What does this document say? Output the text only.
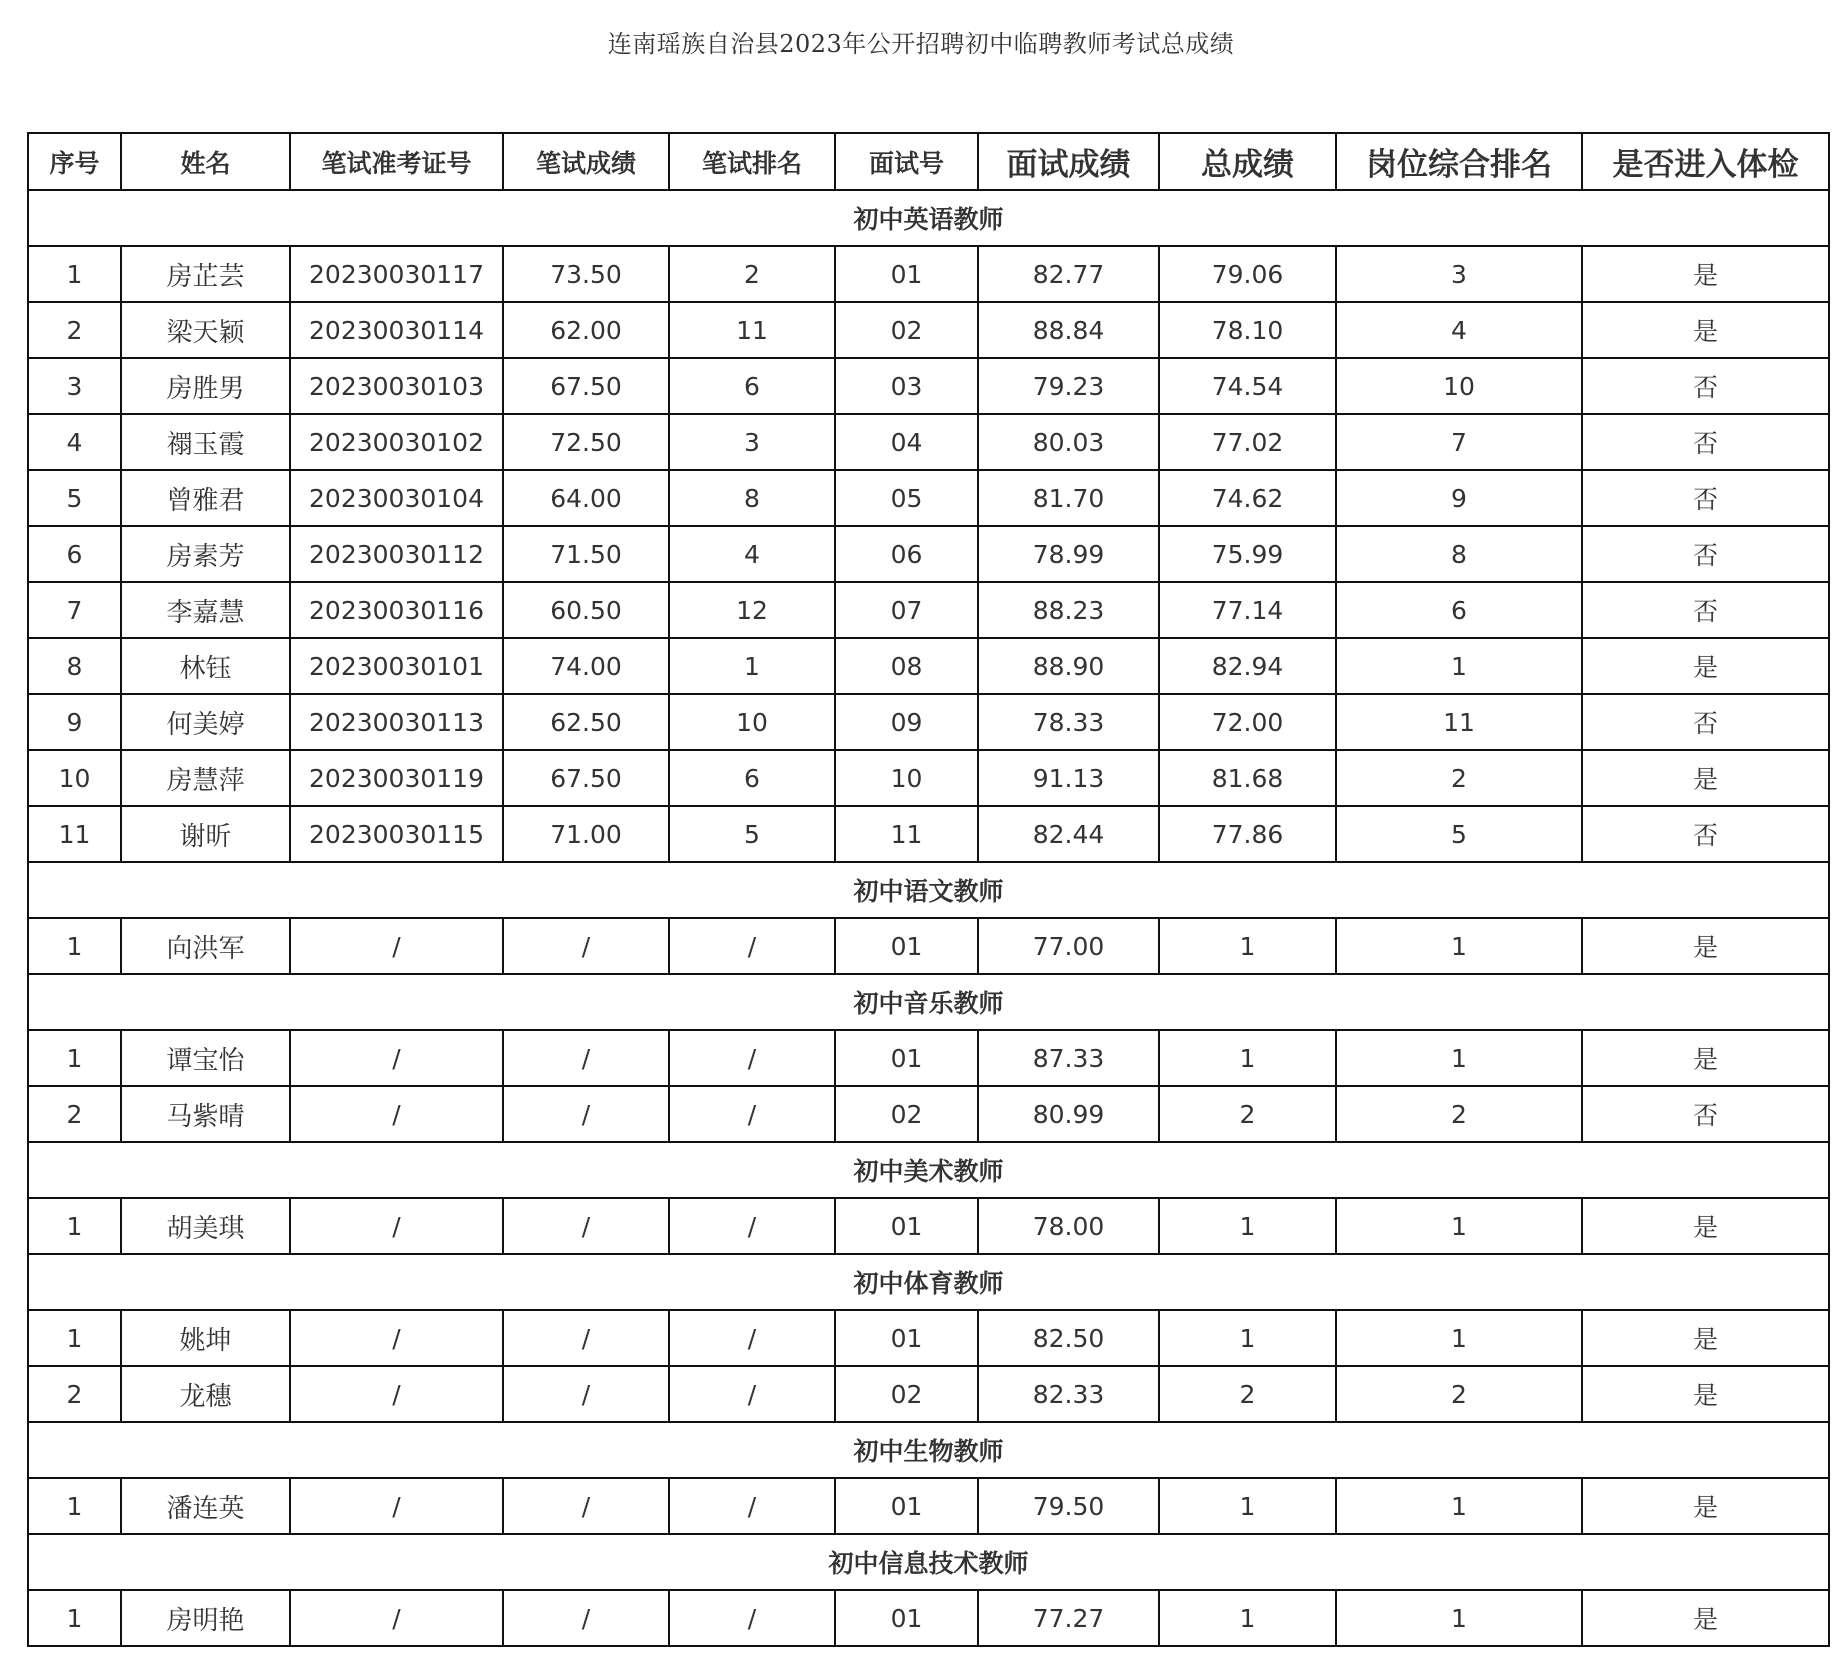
连南瑶族自治县2023年公开招聘初中临聘教师考试总成绩
序号	姓名	笔试准考证号	笔试成绩	笔试排名	面试号	面试成绩	总成绩	岗位综合排名	是否进入体检
初中英语教师									
1	房芷芸	20230030117	73.50	2	01	82.77	79.06	3	是
2	梁天颖	20230030114	62.00	11	02	88.84	78.10	4	是
3	房胜男	20230030103	67.50	6	03	79.23	74.54	10	否
4	禤玉霞	20230030102	72.50	3	04	80.03	77.02	7	否
5	曾雅君	20230030104	64.00	8	05	81.70	74.62	9	否
6	房素芳	20230030112	71.50	4	06	78.99	75.99	8	否
7	李嘉慧	20230030116	60.50	12	07	88.23	77.14	6	否
8	林钰	20230030101	74.00	1	08	88.90	82.94	1	是
9	何美婷	20230030113	62.50	10	09	78.33	72.00	11	否
10	房慧萍	20230030119	67.50	6	10	91.13	81.68	2	是
11	谢昕	20230030115	71.00	5	11	82.44	77.86	5	否
初中语文教师									
1	向洪军	/	/	/	01	77.00	1	1	是
初中音乐教师									
1	谭宝怡	/	/	/	01	87.33	1	1	是
2	马紫晴	/	/	/	02	80.99	2	2	否
初中美术教师									
1	胡美琪	/	/	/	01	78.00	1	1	是
初中体育教师									
1	姚坤	/	/	/	01	82.50	1	1	是
2	龙穗	/	/	/	02	82.33	2	2	是
初中生物教师									
1	潘连英	/	/	/	01	79.50	1	1	是
初中信息技术教师									
1	房明艳	/	/	/	01	77.27	1	1	是
